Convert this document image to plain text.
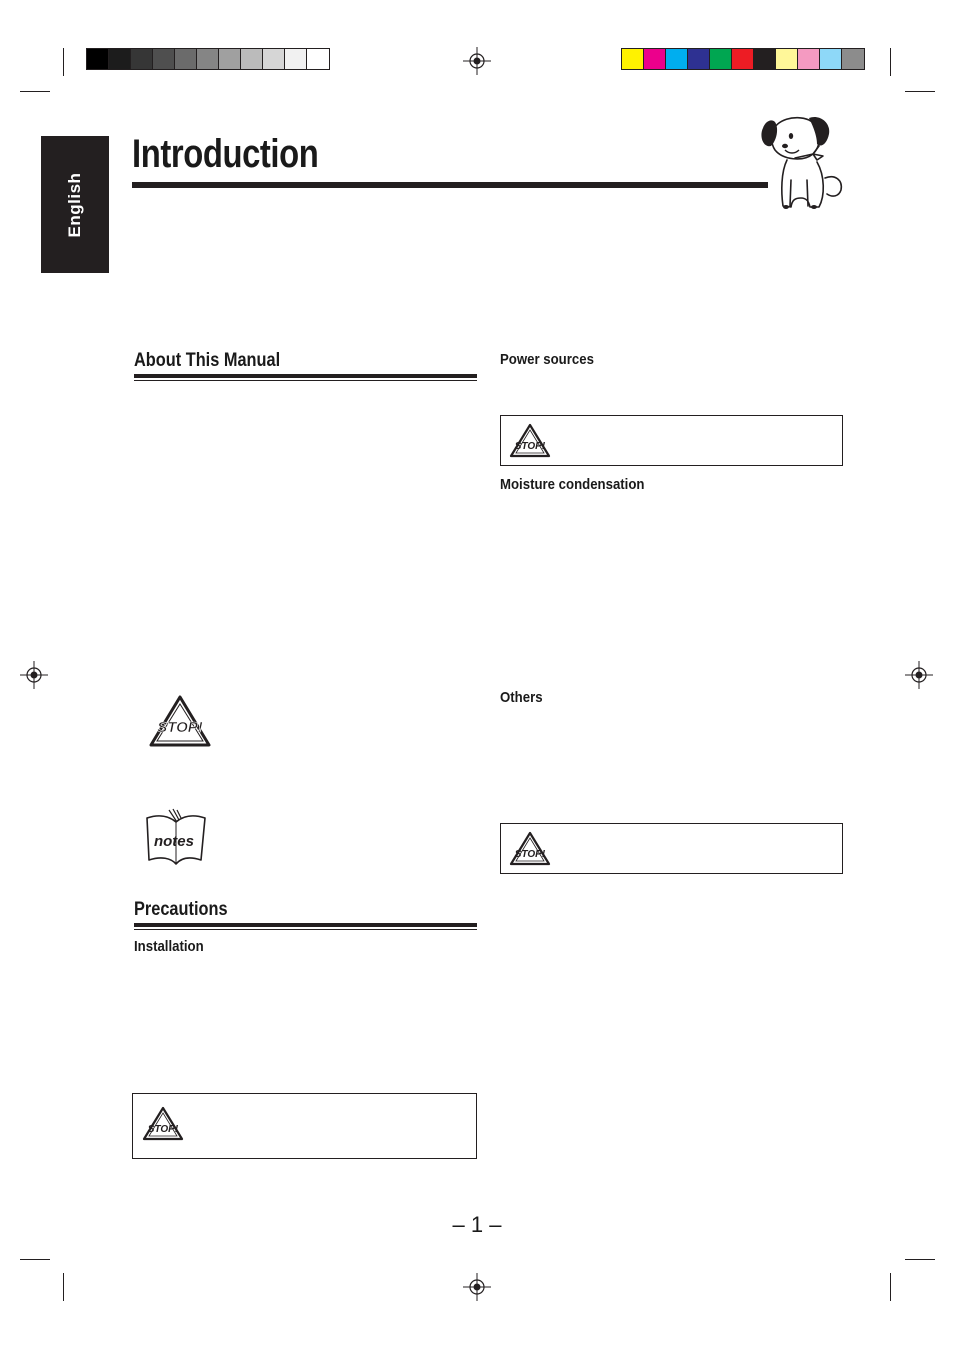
English
Introduction
About This Manual
STOP!
notes
Precautions
Installation
STOP!
Power sources
STOP!
Moisture condensation
Others
STOP!
– 1 –
